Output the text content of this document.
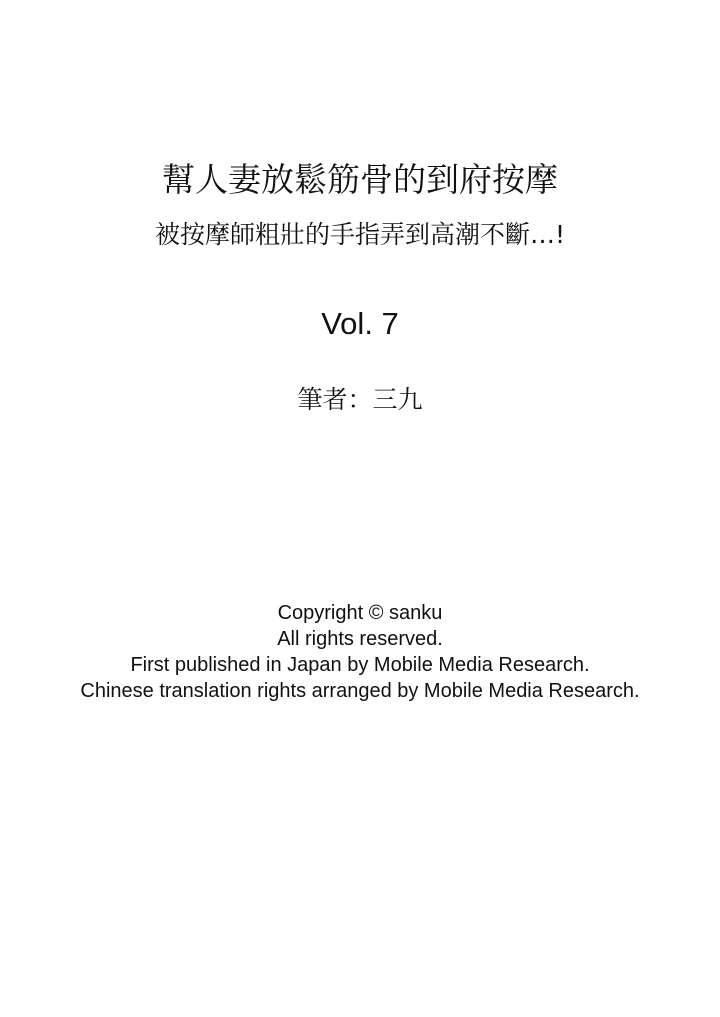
幫人妻放鬆筋骨的到府按摩
被按摩師粗壯的手指弄到高潮不斷…!
Vol. 7
筆者：三九
Copyright © sanku
All rights reserved.
First published in Japan by Mobile Media Research.
Chinese translation rights arranged by Mobile Media Research.
